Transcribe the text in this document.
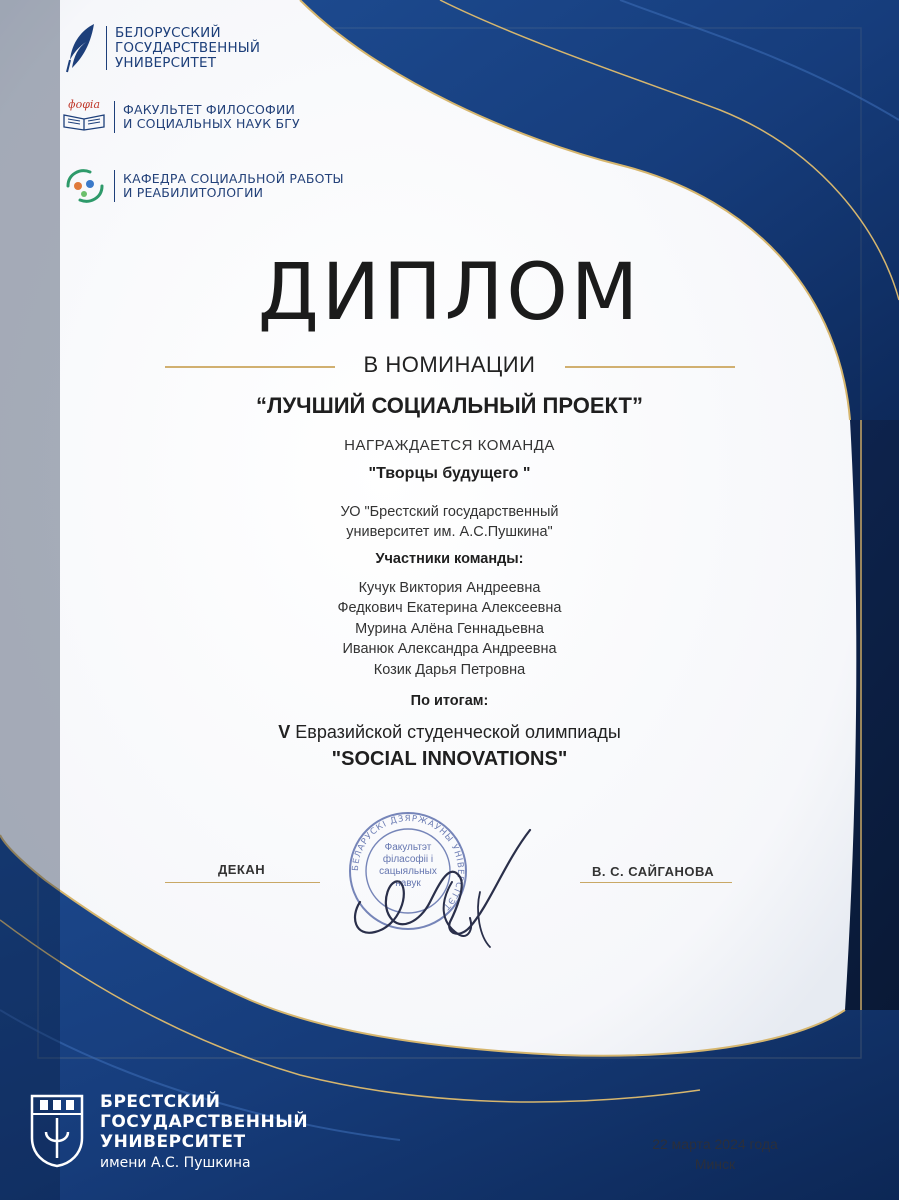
БЕЛОРУССКИЙ
ГОСУДАРСТВЕННЫЙ
УНИВЕРСИТЕТ
ɸoφia	ФАКУЛЬТЕТ ФИЛОСОФИИ
И СОЦИАЛЬНЫХ НАУК БГУ
КАФЕДРА СОЦИАЛЬНОЙ РАБОТЫ
И РЕАБИЛИТОЛОГИИ
ДИПЛОМ
В НОМИНАЦИИ
“ЛУЧШИЙ СОЦИАЛЬНЫЙ ПРОЕКТ”
НАГРАЖДАЕТСЯ КОМАНДА
"Творцы будущего "
УО "Брестский государственный
университет им. А.С.Пушкина"
Участники команды:
Кучук Виктория Андреевна
Федкович Екатерина Алексеевна
Мурина Алёна Геннадьевна
Иванюк Александра Андреевна
Козик Дарья Петровна
По итогам:
V Евразийской студенческой олимпиады
"SOCIAL INNOVATIONS"
ДЕКАН	В. С. САЙГАНОВА
БЕЛАРУСКІ ДЗЯРЖАЎНЫ ЎНІВЕРСІТЭТ
Факультэт
філасофіі і
сацыяльных
навук
БРЕСТСКИЙ
ГОСУДАРСТВЕННЫЙ
УНИВЕРСИТЕТ
имени А.С. Пушкина
22 марта 2024 года
Минск
